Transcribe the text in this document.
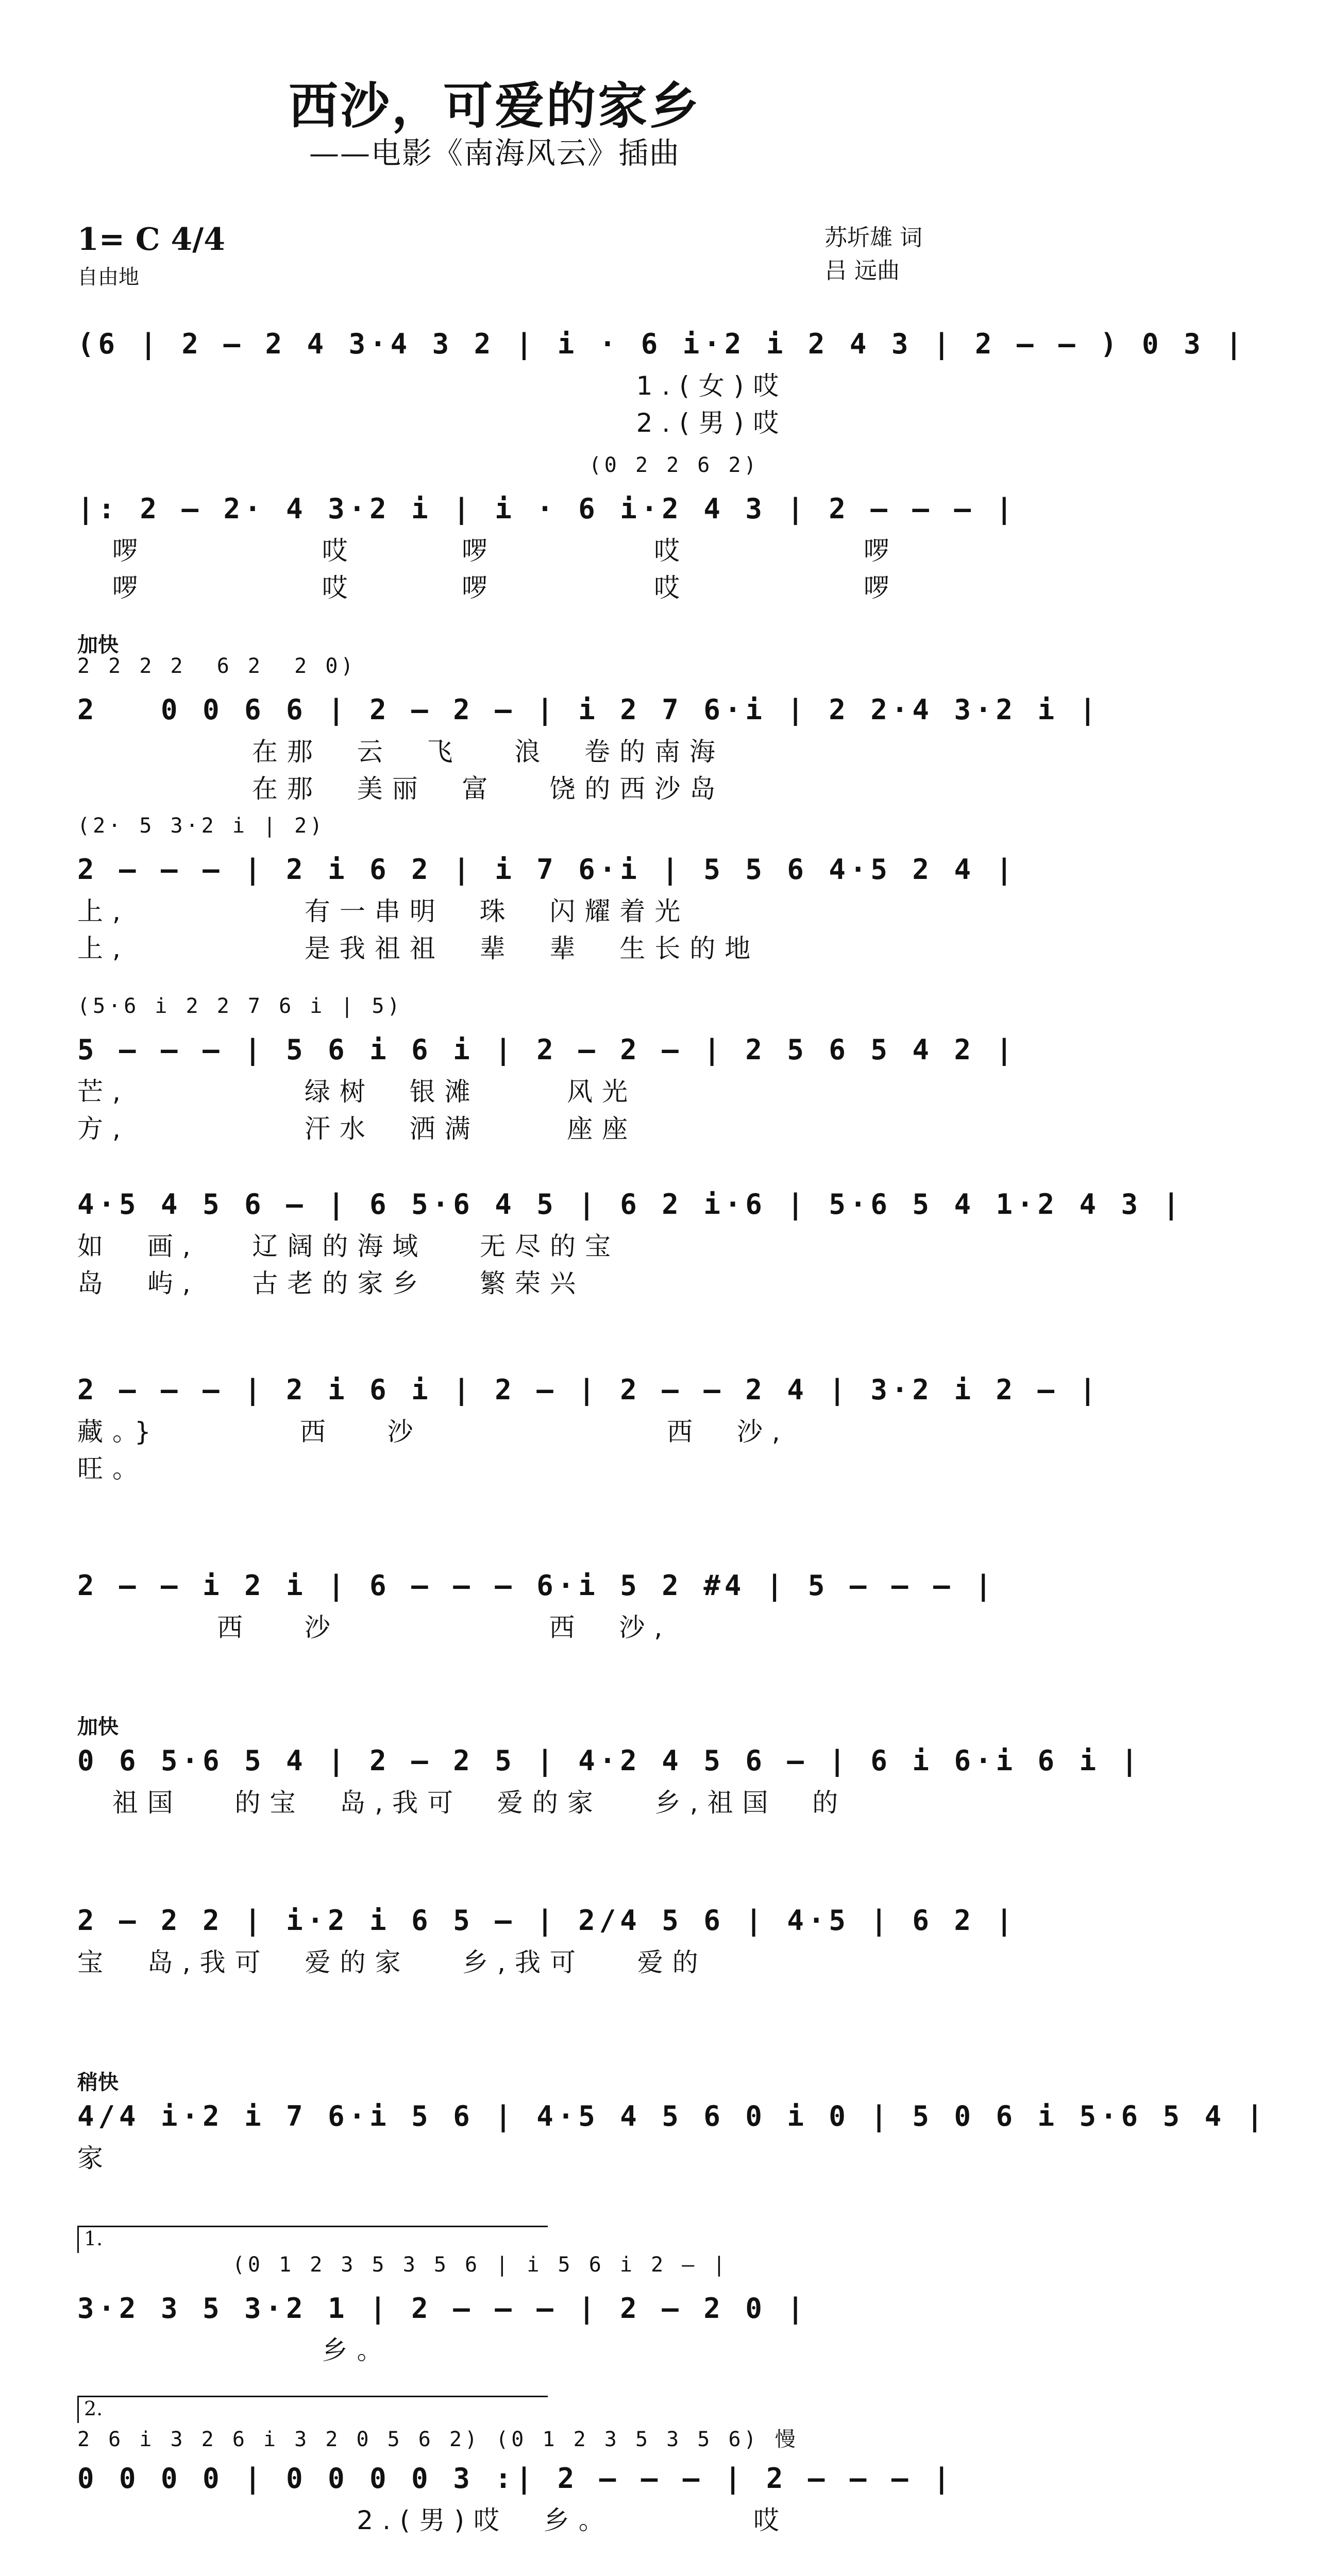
西沙，可爱的家乡
——电影《南海风云》插曲
1= C 4/4
自由地
苏圻雄 词
吕 远曲
(6 | 2 – 2 4 3·4 3 2 | i · 6 i·2 i 2 4 3 | 2 – – ) 0 3 |
1.(女)哎
2.(男)哎
(0 2 2 6 2)
|: 2 – 2· 4 3·2 i | i · 6 i·2 4 3 | 2 – – – |
啰          哎      啰         哎          啰
啰          哎      啰         哎          啰
加快
2 2 2 2  6 2  2 0)
2   0 0 6 6 | 2 – 2 – | i 2 7 6·i | 2 2·4 3·2 i |
在那  云  飞   浪  卷的南海
在那  美丽  富   饶的西沙岛
(2· 5 3·2 i | 2)
2 – – – | 2 i 6 2 | i 7 6·i | 5 5 6 4·5 2 4 |
上,          有一串明  珠  闪耀着光
上,          是我祖祖  辈  辈  生长的地
(5·6 i 2 2 7 6 i | 5)
5 – – – | 5 6 i 6 i | 2 – 2 – | 2 5 6 5 4 2 |
芒,          绿树  银滩     风光
方,          汗水  洒满     座座
4·5 4 5 6 – | 6 5·6 4 5 | 6 2 i·6 | 5·6 5 4 1·2 4 3 |
如  画,   辽阔的海域   无尽的宝
岛  屿,   古老的家乡   繁荣兴
2 – – – | 2 i 6 i | 2 – | 2 – – 2 4 | 3·2 i 2 – |
藏。}        西   沙              西  沙,
旺。
2 – – i 2 i | 6 – – – 6·i 5 2 #4 | 5 – – – |
西   沙            西  沙,
加快
0 6 5·6 5 4 | 2 – 2 5 | 4·2 4 5 6 – | 6 i 6·i 6 i |
祖国   的宝  岛,我可  爱的家   乡,祖国  的
2 – 2 2 | i·2 i 6 5 – | 2/4 5 6 | 4·5 | 6 2 |
宝  岛,我可  爱的家   乡,我可   爱的
稍快
4/4 i·2 i 7 6·i 5 6 | 4·5 4 5 6 0 i 0 | 5 0 6 i 5·6 5 4 |
家
1.
(0 1 2 3 5 3 5 6 | i 5 6 i 2 – |
3·2 3 5 3·2 1 | 2 – – – | 2 – 2 0 |
乡。
2.
2 6 i 3 2 6 i 3 2 0 5 6 2) (0 1 2 3 5 3 5 6) 慢
0 0 0 0 | 0 0 0 0 3 :| 2 – – – | 2 – – – |
2.(男)哎  乡。        哎
